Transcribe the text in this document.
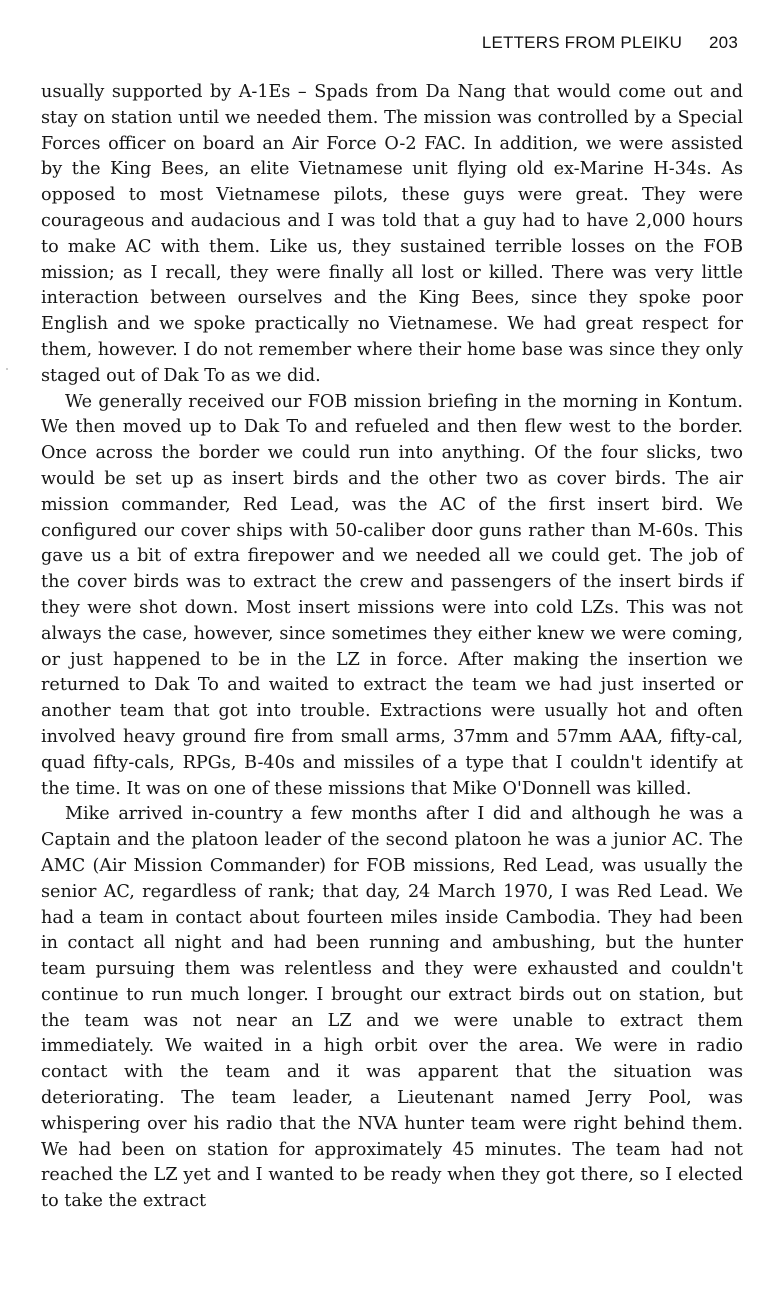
LETTERS FROM PLEIKU 203

usually supported by A-1Es – Spads from Da Nang that would come out and stay on station until we needed them. The mission was controlled by a Special Forces officer on board an Air Force O-2 FAC. In addition, we were assisted by the King Bees, an elite Vietnamese unit flying old ex-Marine H-34s. As opposed to most Vietnamese pilots, these guys were great. They were courageous and audacious and I was told that a guy had to have 2,000 hours to make AC with them. Like us, they sustained terrible losses on the FOB mission; as I recall, they were finally all lost or killed. There was very little interaction between ourselves and the King Bees, since they spoke poor English and we spoke practically no Vietnamese. We had great respect for them, however. I do not remember where their home base was since they only staged out of Dak To as we did.

We generally received our FOB mission briefing in the morning in Kontum. We then moved up to Dak To and refueled and then flew west to the border. Once across the border we could run into anything. Of the four slicks, two would be set up as insert birds and the other two as cover birds. The air mission commander, Red Lead, was the AC of the first insert bird. We configured our cover ships with 50-caliber door guns rather than M-60s. This gave us a bit of extra firepower and we needed all we could get. The job of the cover birds was to extract the crew and passengers of the insert birds if they were shot down. Most insert missions were into cold LZs. This was not always the case, however, since sometimes they either knew we were coming, or just happened to be in the LZ in force. After making the insertion we returned to Dak To and waited to extract the team we had just inserted or another team that got into trouble. Extractions were usually hot and often involved heavy ground fire from small arms, 37mm and 57mm AAA, fifty-cal, quad fifty-cals, RPGs, B-40s and missiles of a type that I couldn't identify at the time. It was on one of these missions that Mike O'Donnell was killed.

Mike arrived in-country a few months after I did and although he was a Captain and the platoon leader of the second platoon he was a junior AC. The AMC (Air Mission Commander) for FOB missions, Red Lead, was usually the senior AC, regardless of rank; that day, 24 March 1970, I was Red Lead. We had a team in contact about fourteen miles inside Cambodia. They had been in contact all night and had been running and ambushing, but the hunter team pursuing them was relentless and they were exhausted and couldn't continue to run much longer. I brought our extract birds out on station, but the team was not near an LZ and we were unable to extract them immediately. We waited in a high orbit over the area. We were in radio contact with the team and it was apparent that the situation was deteriorating. The team leader, a Lieutenant named Jerry Pool, was whispering over his radio that the NVA hunter team were right behind them. We had been on station for approximately 45 minutes. The team had not reached the LZ yet and I wanted to be ready when they got there, so I elected to take the extract
